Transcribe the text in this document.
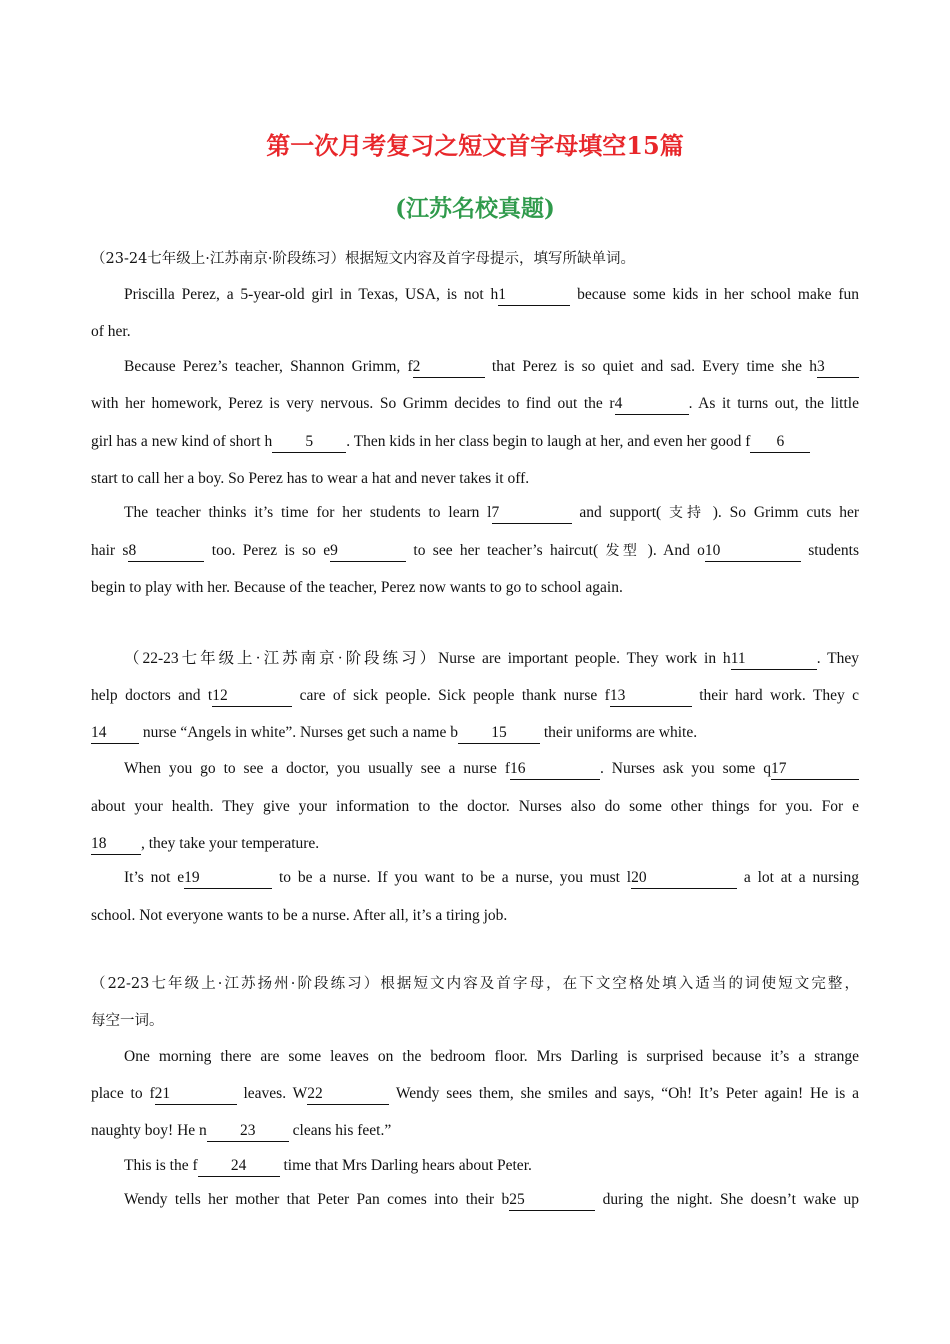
第一次月考复习之短文首字母填空15篇
(江苏名校真题)
（23-24七年级上·江苏南京·阶段练习）根据短文内容及首字母提示，填写所缺单词。
Priscilla Perez, a 5-year-old girl in Texas, USA, is not h1	because some kids in her school make fun
of her.
Because Perez’s teacher, Shannon Grimm, f2	that Perez is so quiet and sad. Every time she h3
with her homework, Perez is very nervous. So Grimm decides to find out the r4	. As it turns out, the little
girl has a new kind of short h 5 . Then kids in her class begin to laugh at her, and even her good f 6
start to call her a boy. So Perez has to wear a hat and never takes it off.
The teacher thinks it’s time for her students to learn l7	and support( 支持 ). So Grimm cuts her
hair s8	too. Perez is so e9	to see her teacher’s haircut( 发型 ). And o10	students
begin to play with her. Because of the teacher, Perez now wants to go to school again.
（22-23七年级上·江苏南京·阶段练习）Nurse are important people. They work in h11	. They
help doctors and t12	care of sick people. Sick people thank nurse f13	their hard work. They c
14 nurse “Angels in white”. Nurses get such a name b 15 their uniforms are white.
When you go to see a doctor, you usually see a nurse f16	. Nurses ask you some q17
about your health. They give your information to the doctor. Nurses also do some other things for you. For e
18 , they take your temperature.
It’s not e19	to be a nurse. If you want to be a nurse, you must l20	a lot at a nursing
school. Not everyone wants to be a nurse. After all, it’s a tiring job.
（22-23七年级上·江苏扬州·阶段练习）根据短文内容及首字母，在下文空格处填入适当的词使短文完整，
每空一词。
One morning there are some leaves on the bedroom floor. Mrs Darling is surprised because it’s a strange
place to f21	leaves. W22	Wendy sees them, she smiles and says, “Oh! It’s Peter again! He is a
naughty boy! He n 23 cleans his feet.”
This is the f 24 time that Mrs Darling hears about Peter.
Wendy tells her mother that Peter Pan comes into their b25	during the night. She doesn’t wake up
